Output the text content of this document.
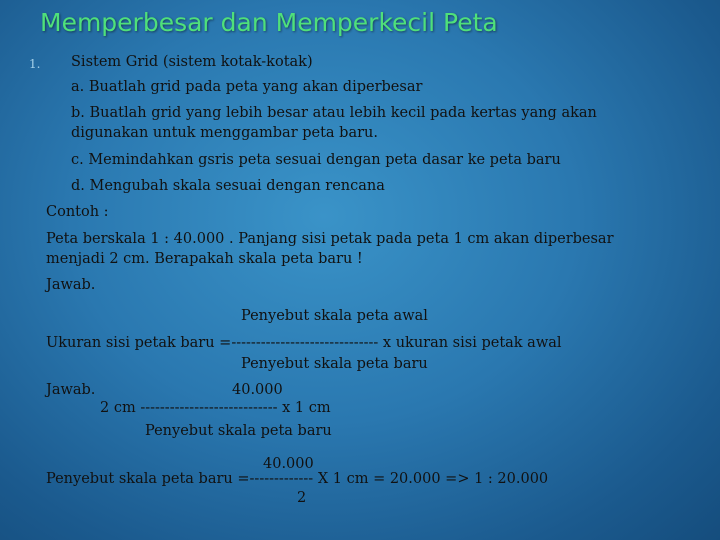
Memperbesar dan Memperkecil Peta
1. Sistem Grid (sistem kotak-kotak)
a. Buatlah grid pada peta yang akan diperbesar
b. Buatlah grid yang lebih besar atau lebih kecil pada kertas yang akan
digunakan untuk menggambar peta baru.
c. Memindahkan gsris peta sesuai dengan peta dasar ke peta baru
d. Mengubah skala sesuai dengan rencana
Contoh :
Peta berskala 1 : 40.000 . Panjang sisi petak pada peta 1 cm akan diperbesar
menjadi 2 cm. Berapakah skala peta baru !
Jawab.
Penyebut skala peta awal
Ukuran sisi petak baru =------------------------------ x ukuran sisi petak awal
Penyebut skala peta baru
Jawab.	40.000
2 cm ---------------------------- x 1 cm
Penyebut skala peta baru
40.000
Penyebut skala peta baru =------------- X 1 cm = 20.000 => 1 : 20.000
2
